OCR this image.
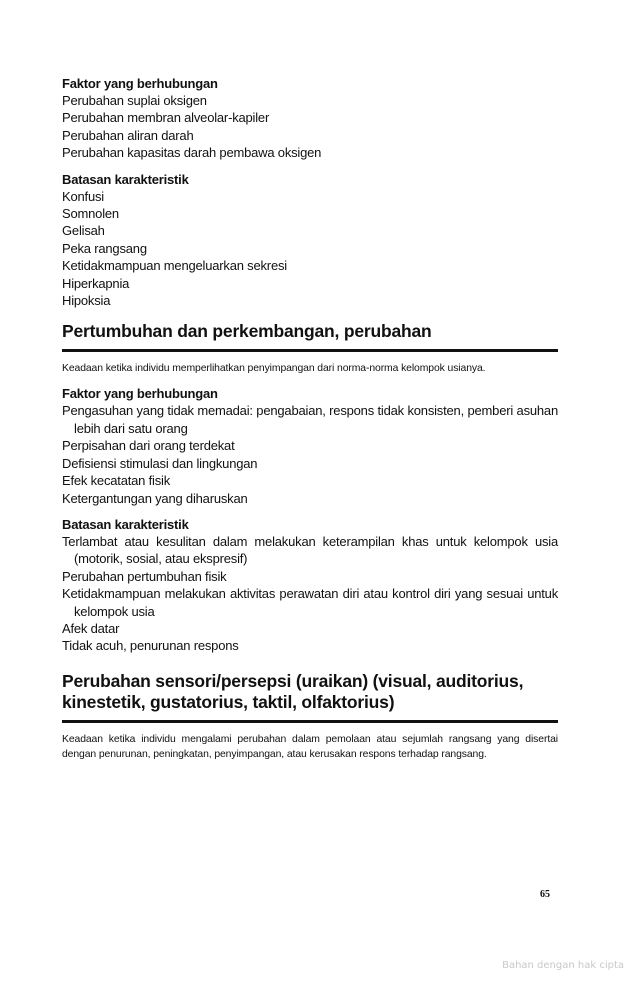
Faktor yang berhubungan

Perubahan suplai oksigen
Perubahan membran alveolar-kapiler
Perubahan aliran darah
Perubahan kapasitas darah pembawa oksigen

Batasan karakteristik

Konfusi
Somnolen
Gelisah
Peka rangsang
Ketidakmampuan mengeluarkan sekresi
Hiperkapnia
Hipoksia
Pertumbuhan dan perkembangan, perubahan

Keadaan ketika individu memperlihatkan penyimpangan dari norma-norma kelompok usianya.

Faktor yang berhubungan

Pengasuhan yang tidak memadai: pengabaian, respons tidak konsisten, pemberi asuhan lebih dari satu orang
Perpisahan dari orang terdekat
Defisiensi stimulasi dan lingkungan
Efek kecatatan fisik
Ketergantungan yang diharuskan

Batasan karakteristik

Terlambat atau kesulitan dalam melakukan keterampilan khas untuk kelompok usia (motorik, sosial, atau ekspresif)
Perubahan pertumbuhan fisik
Ketidakmampuan melakukan aktivitas perawatan diri atau kontrol diri yang sesuai untuk kelompok usia
Afek datar
Tidak acuh, penurunan respons
Perubahan sensori/persepsi (uraikan) (visual, auditorius, kinestetik, gustatorius, taktil, olfaktorius)

Keadaan ketika individu mengalami perubahan dalam pemolaan atau sejumlah rangsang yang disertai dengan penurunan, peningkatan, penyimpangan, atau kerusakan respons terhadap rangsang.

65
Bahan dengan hak cipta
